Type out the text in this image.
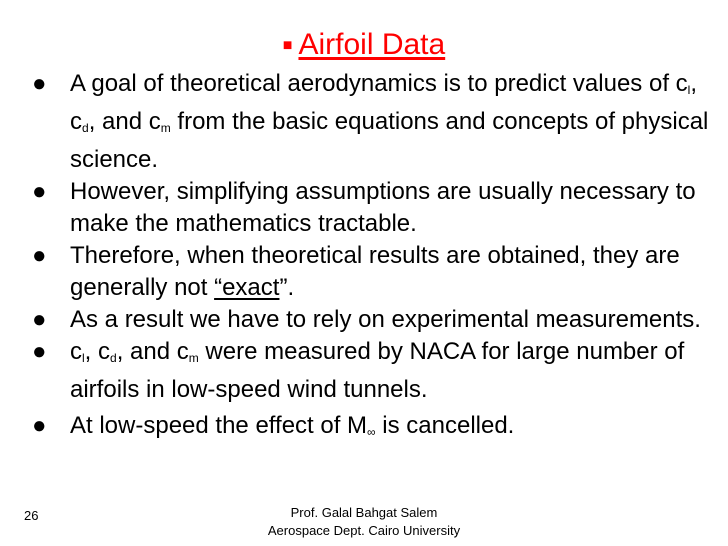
■ Airfoil Data

● A goal of theoretical aerodynamics is to predict values of $c_l$, $c_d$, and $c_m$ from the basic equations and concepts of physical science.

● However, simplifying assumptions are usually necessary to make the mathematics tractable.

● Therefore, when theoretical results are obtained, they are generally not “exact”.

● As a result we have to rely on experimental measurements.

● $c_l$, $c_d$, and $c_m$ were measured by NACA for large number of airfoils in low-speed wind tunnels.

● At low-speed the effect of $M_\infty$ is cancelled.

26	Prof. Galal Bahgat Salem
Aerospace Dept. Cairo University
